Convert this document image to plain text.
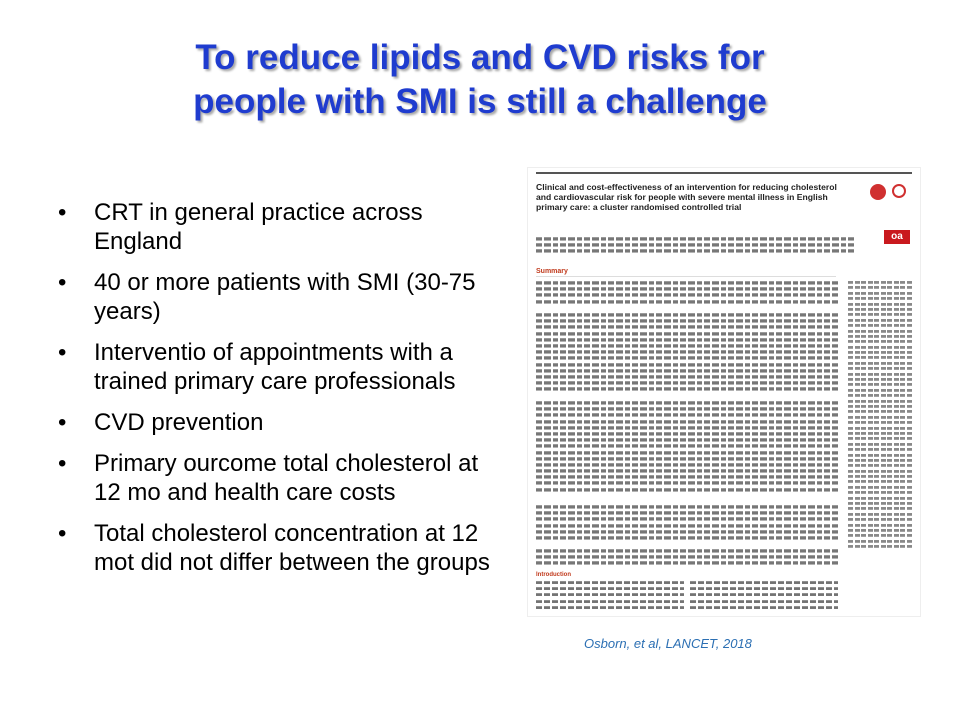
To reduce lipids and CVD risks for
people with SMI is still a challenge
• CRT in general practice across England
• 40 or more patients with SMI (30-75 years)
• Interventio of appointments with a trained primary care professionals
• CVD prevention
• Primary ourcome total cholesterol at 12 mo and health care costs
• Total cholesterol concentration at 12 mot did not differ between the groups
Clinical and cost-effectiveness of an intervention for reducing cholesterol and cardiovascular risk for people with severe mental illness in English primary care: a cluster randomised controlled trial
oa
Summary
Introduction
Osborn, et al, LANCET, 2018
